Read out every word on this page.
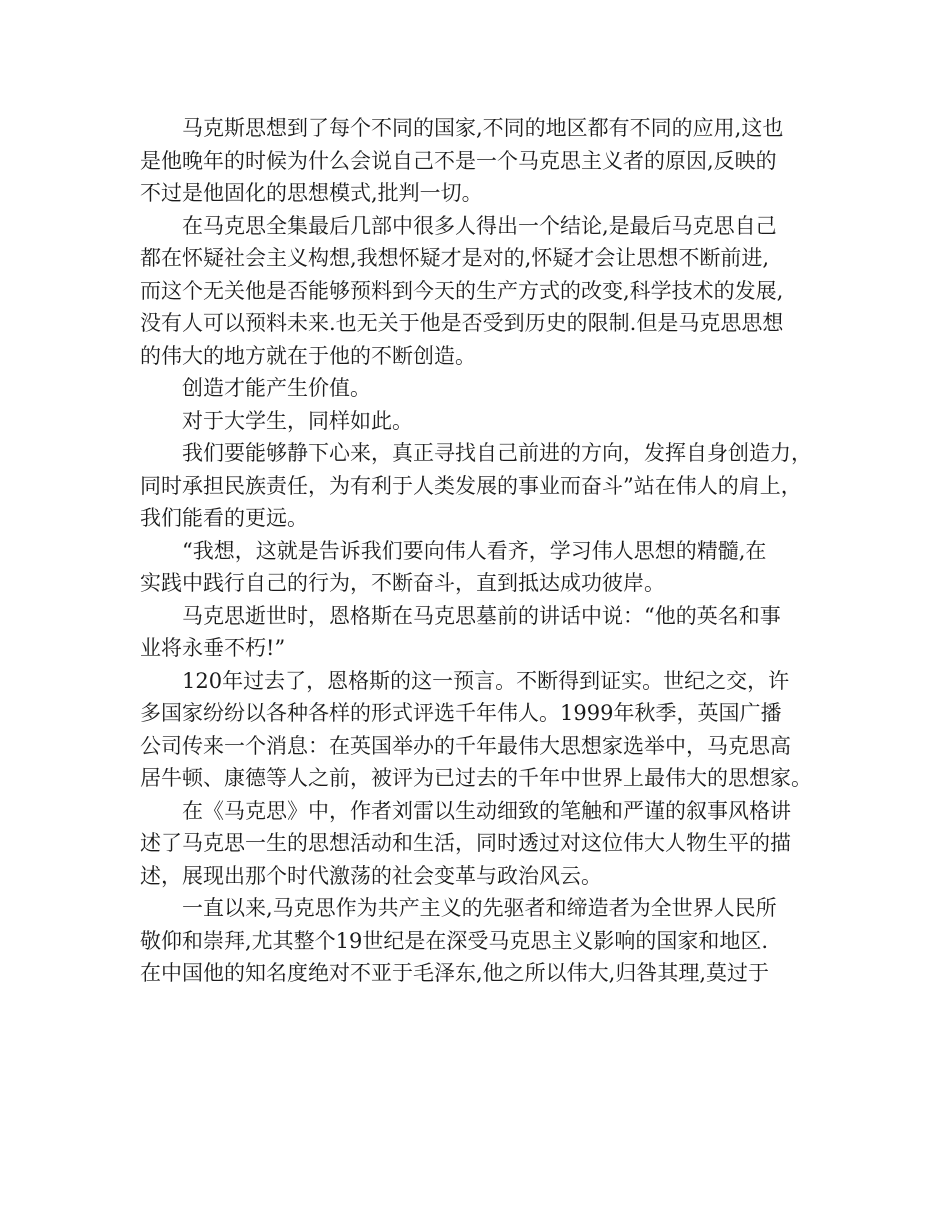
马克斯思想到了每个不同的国家,不同的地区都有不同的应用,这也
是他晚年的时候为什么会说自己不是一个马克思主义者的原因,反映的
不过是他固化的思想模式,批判一切。
在马克思全集最后几部中很多人得出一个结论,是最后马克思自己
都在怀疑社会主义构想,我想怀疑才是对的,怀疑才会让思想不断前进,
而这个无关他是否能够预料到今天的生产方式的改变,科学技术的发展,
没有人可以预料未来.也无关于他是否受到历史的限制.但是马克思思想
的伟大的地方就在于他的不断创造。
创造才能产生价值。
对于大学生，同样如此。
我们要能够静下心来，真正寻找自己前进的方向，发挥自身创造力，
同时承担民族责任，为有利于人类发展的事业而奋斗”站在伟人的肩上，
我们能看的更远。
“我想，这就是告诉我们要向伟人看齐，学习伟人思想的精髓,在
实践中践行自己的行为，不断奋斗，直到抵达成功彼岸。
马克思逝世时，恩格斯在马克思墓前的讲话中说：“他的英名和事
业将永垂不朽!”
120年过去了，恩格斯的这一预言。不断得到证实。世纪之交，许
多国家纷纷以各种各样的形式评选千年伟人。1999年秋季，英国广播
公司传来一个消息：在英国举办的千年最伟大思想家选举中，马克思高
居牛顿、康德等人之前，被评为已过去的千年中世界上最伟大的思想家。
在《马克思》中，作者刘雷以生动细致的笔触和严谨的叙事风格讲
述了马克思一生的思想活动和生活，同时透过对这位伟大人物生平的描
述，展现出那个时代激荡的社会变革与政治风云。
一直以来,马克思作为共产主义的先驱者和缔造者为全世界人民所
敬仰和崇拜,尤其整个19世纪是在深受马克思主义影响的国家和地区.
在中国他的知名度绝对不亚于毛泽东,他之所以伟大,归咎其理,莫过于
